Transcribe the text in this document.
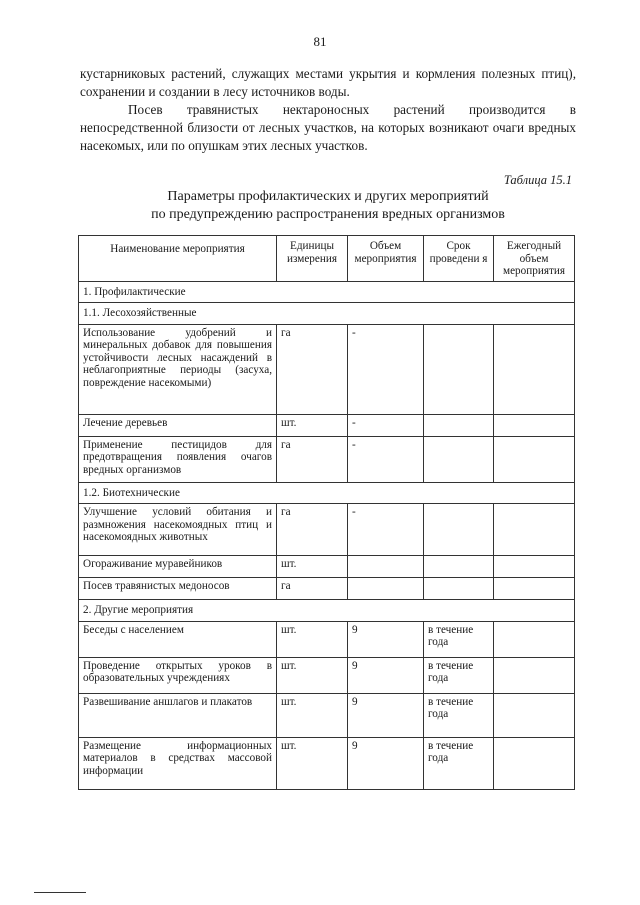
81

кустарниковых растений, служащих местами укрытия и кормления полезных птиц), сохранении и создании в лесу источников воды.

Посев травянистых нектароносных растений производится в непосредственной близости от лесных участков, на которых возникают очаги вредных насекомых, или по опушкам этих лесных участков.

Таблица 15.1
Параметры профилактических и других мероприятий
по предупреждению распространения вредных организмов
Наименование мероприятия	Единицы измерения	Объем мероприятия	Срок проведени я	Ежегодный объем мероприятия
1. Профилактические				
1.1. Лесохозяйственные				
Использование удобрений и минеральных добавок для повышения устойчивости лесных насаждений в неблагоприятные периоды (засуха, повреждение насекомыми)	га	-		
Лечение деревьев	шт.	-		
Применение пестицидов для предотвращения появления очагов вредных организмов	га	-		
1.2. Биотехнические				
Улучшение условий обитания и размножения насекомоядных птиц и насекомоядных животных	га	-		
Огораживание муравейников	шт.			
Посев травянистых медоносов	га			
2. Другие мероприятия				
Беседы с населением	шт.	9	в течение года	
Проведение открытых уроков в образовательных учреждениях	шт.	9	в течение года	
Развешивание аншлагов и плакатов	шт.	9	в течение года	
Размещение информационных материалов в средствах массовой информации	шт.	9	в течение года	
